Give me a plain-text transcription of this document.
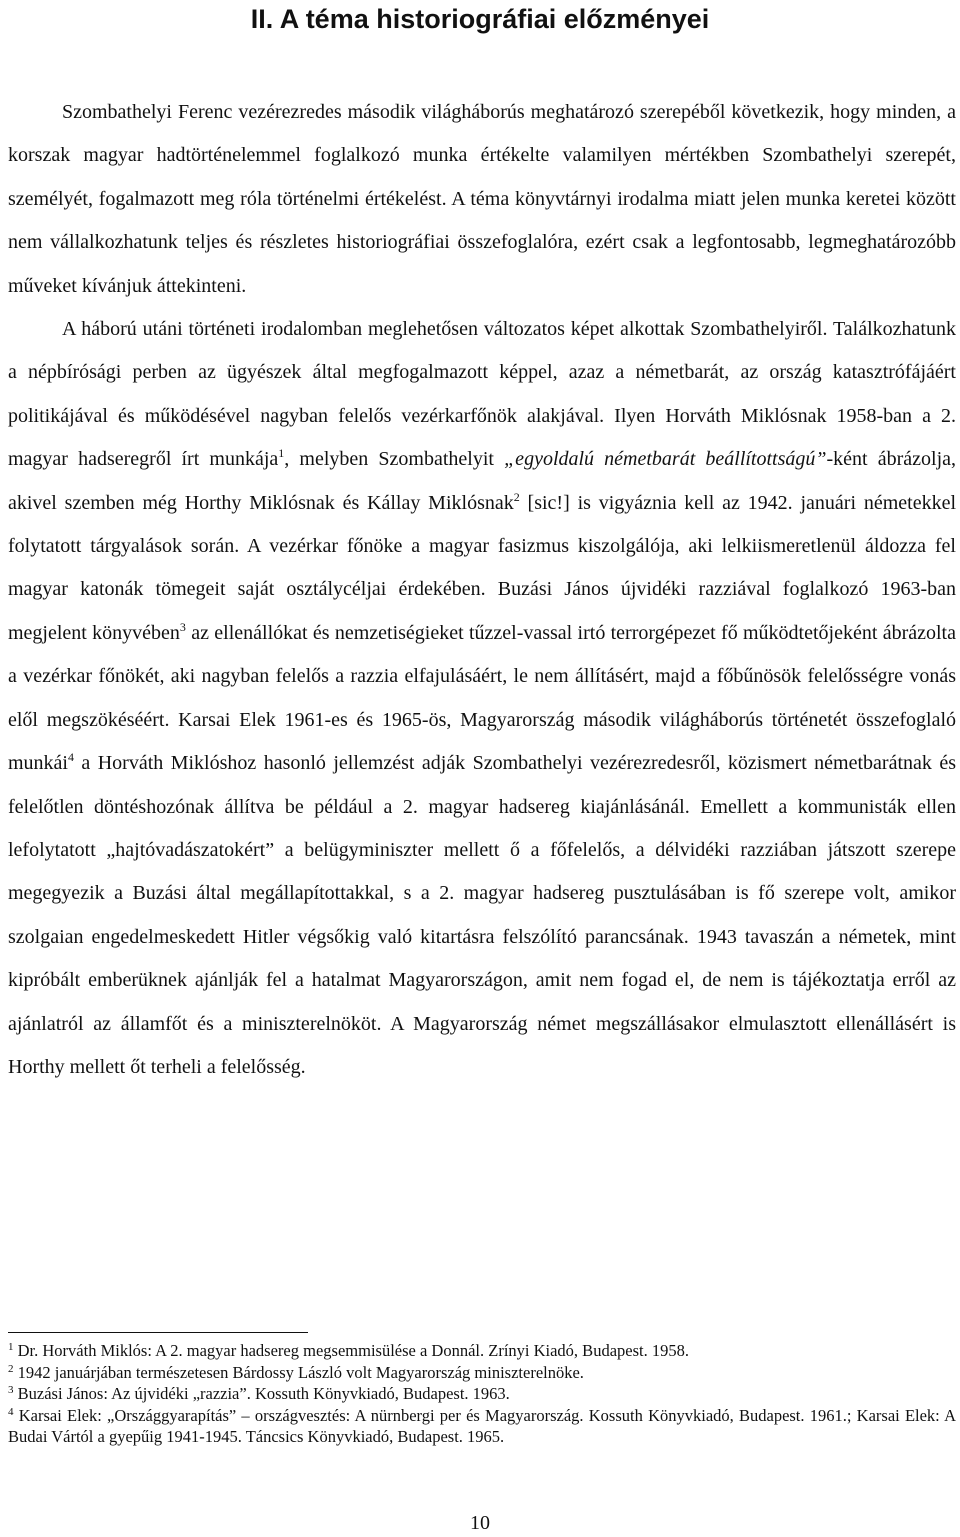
II. A téma historiográfiai előzményei

Szombathelyi Ferenc vezérezredes második világháborús meghatározó szerepéből következik, hogy minden, a korszak magyar hadtörténelemmel foglalkozó munka értékelte valamilyen mértékben Szombathelyi szerepét, személyét, fogalmazott meg róla történelmi értékelést. A téma könyvtárnyi irodalma miatt jelen munka keretei között nem vállalkozhatunk teljes és részletes historiográfiai összefoglalóra, ezért csak a legfontosabb, legmeghatározóbb műveket kívánjuk áttekinteni.

A háború utáni történeti irodalomban meglehetősen változatos képet alkottak Szombathelyiről. Találkozhatunk a népbírósági perben az ügyészek által megfogalmazott képpel, azaz a németbarát, az ország katasztrófájáért politikájával és működésével nagyban felelős vezérkarfőnök alakjával. Ilyen Horváth Miklósnak 1958-ban a 2. magyar hadseregről írt munkája$^1$, melyben Szombathelyit „egyoldalú németbarát beállítottságú”-ként ábrázolja, akivel szemben még Horthy Miklósnak és Kállay Miklósnak$^2$ [sic!] is vigyáznia kell az 1942. januári németekkel folytatott tárgyalások során. A vezérkar főnöke a magyar fasizmus kiszolgálója, aki lelkiismeretlenül áldozza fel magyar katonák tömegeit saját osztálycéljai érdekében. Buzási János újvidéki razziával foglalkozó 1963-ban megjelent könyvében$^3$ az ellenállókat és nemzetiségieket tűzzel-vassal irtó terrorgépezet fő működtetőjeként ábrázolta a vezérkar főnökét, aki nagyban felelős a razzia elfajulásáért, le nem állításért, majd a főbűnösök felelősségre vonás elől megszökéséért. Karsai Elek 1961-es és 1965-ös, Magyarország második világháborús történetét összefoglaló munkái$^4$ a Horváth Miklóshoz hasonló jellemzést adják Szombathelyi vezérezredesről, közismert németbarátnak és felelőtlen döntéshozónak állítva be például a 2. magyar hadsereg kiajánlásánál. Emellett a kommunisták ellen lefolytatott „hajtóvadászatokért” a belügyminiszter mellett ő a főfelelős, a délvidéki razziában játszott szerepe megegyezik a Buzási által megállapítottakkal, s a 2. magyar hadsereg pusztulásában is fő szerepe volt, amikor szolgaian engedelmeskedett Hitler végsőkig való kitartásra felszólító parancsának. 1943 tavaszán a németek, mint kipróbált emberüknek ajánlják fel a hatalmat Magyarországon, amit nem fogad el, de nem is tájékoztatja erről az ajánlatról az államfőt és a miniszterelnököt. A Magyarország német megszállásakor elmulasztott ellenállásért is Horthy mellett őt terheli a felelősség.

$^1$ Dr. Horváth Miklós: A 2. magyar hadsereg megsemmisülése a Donnál. Zrínyi Kiadó, Budapest. 1958.

$^2$ 1942 januárjában természetesen Bárdossy László volt Magyarország miniszterelnöke.

$^3$ Buzási János: Az újvidéki „razzia”. Kossuth Könyvkiadó, Budapest. 1963.

$^4$ Karsai Elek: „Országgyarapítás” – országvesztés: A nürnbergi per és Magyarország. Kossuth Könyvkiadó, Budapest. 1961.; Karsai Elek: A Budai Vártól a gyepűig 1941-1945. Táncsics Könyvkiadó, Budapest. 1965.

10
